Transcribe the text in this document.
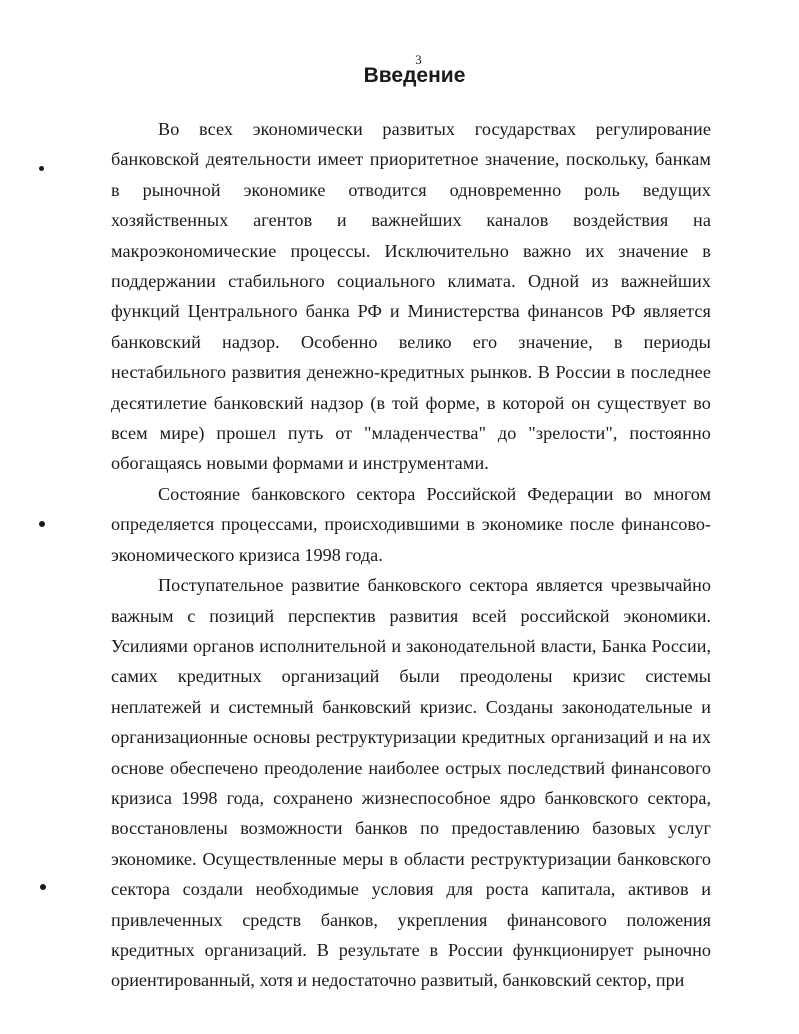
3
Введение

Во всех экономически развитых государствах регулирование банковской деятельности имеет приоритетное значение, поскольку, банкам в рыночной экономике отводится одновременно роль ведущих хозяйственных агентов и важнейших каналов воздействия на макроэкономические процессы. Исключительно важно их значение в поддержании стабильного социального климата. Одной из важнейших функций Центрального банка РФ и Министерства финансов РФ является банковский надзор. Особенно велико его значение, в периоды нестабильного развития денежно-кредитных рынков. В России в последнее десятилетие банковский надзор (в той форме, в которой он существует во всем мире) прошел путь от "младенчества" до "зрелости", постоянно обогащаясь новыми формами и инструментами.

Состояние банковского сектора Российской Федерации во многом определяется процессами, происходившими в экономике после финансово-экономического кризиса 1998 года.

Поступательное развитие банковского сектора является чрезвычайно важным с позиций перспектив развития всей российской экономики. Усилиями органов исполнительной и законодательной власти, Банка России, самих кредитных организаций были преодолены кризис системы неплатежей и системный банковский кризис. Созданы законодательные и организационные основы реструктуризации кредитных организаций и на их основе обеспечено преодоление наиболее острых последствий финансового кризиса 1998 года, сохранено жизнеспособное ядро банковского сектора, восстановлены возможности банков по предоставлению базовых услуг экономике. Осуществленные меры в области реструктуризации банковского сектора создали необходимые условия для роста капитала, активов и привлеченных средств банков, укрепления финансового положения кредитных организаций. В результате в России функционирует рыночно ориентированный, хотя и недостаточно развитый, банковский сектор, при
